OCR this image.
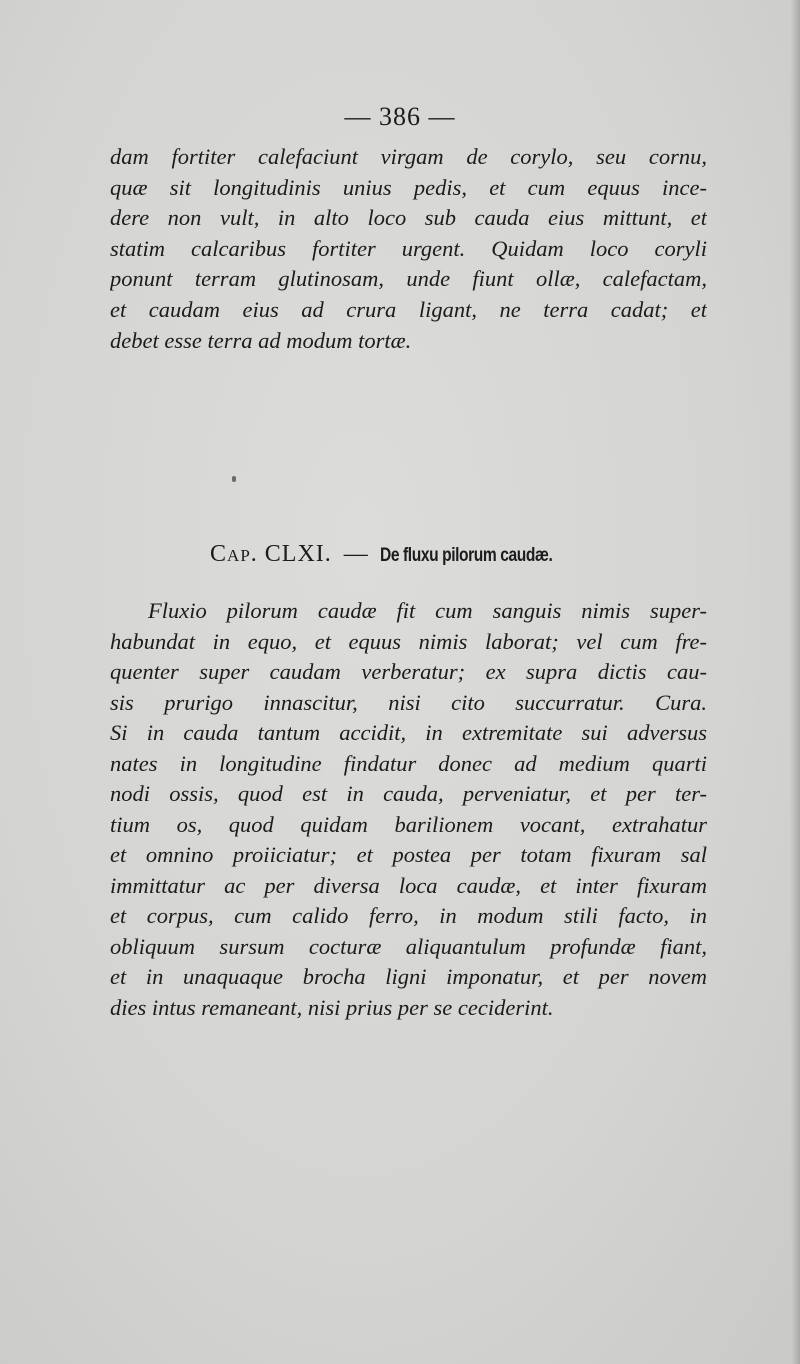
— 386 —
dam fortiter calefaciunt virgam de corylo, seu cornu,
quæ sit longitudinis unius pedis, et cum equus ince-
dere non vult, in alto loco sub cauda eius mittunt, et
statim calcaribus fortiter urgent. Quidam loco coryli
ponunt terram glutinosam, unde fiunt ollæ, calefactam,
et caudam eius ad crura ligant, ne terra cadat; et
debet esse terra ad modum tortæ.
Cap. CLXI. — De fluxu pilorum caudæ.
Fluxio pilorum caudæ fit cum sanguis nimis super-
habundat in equo, et equus nimis laborat; vel cum fre-
quenter super caudam verberatur; ex supra dictis cau-
sis prurigo innascitur, nisi cito succurratur. Cura.
Si in cauda tantum accidit, in extremitate sui adversus
nates in longitudine findatur donec ad medium quarti
nodi ossis, quod est in cauda, perveniatur, et per ter-
tium os, quod quidam barilionem vocant, extrahatur
et omnino proiiciatur; et postea per totam fixuram sal
immittatur ac per diversa loca caudæ, et inter fixuram
et corpus, cum calido ferro, in modum stili facto, in
obliquum sursum cocturæ aliquantulum profundæ fiant,
et in unaquaque brocha ligni imponatur, et per novem
dies intus remaneant, nisi prius per se ceciderint.
